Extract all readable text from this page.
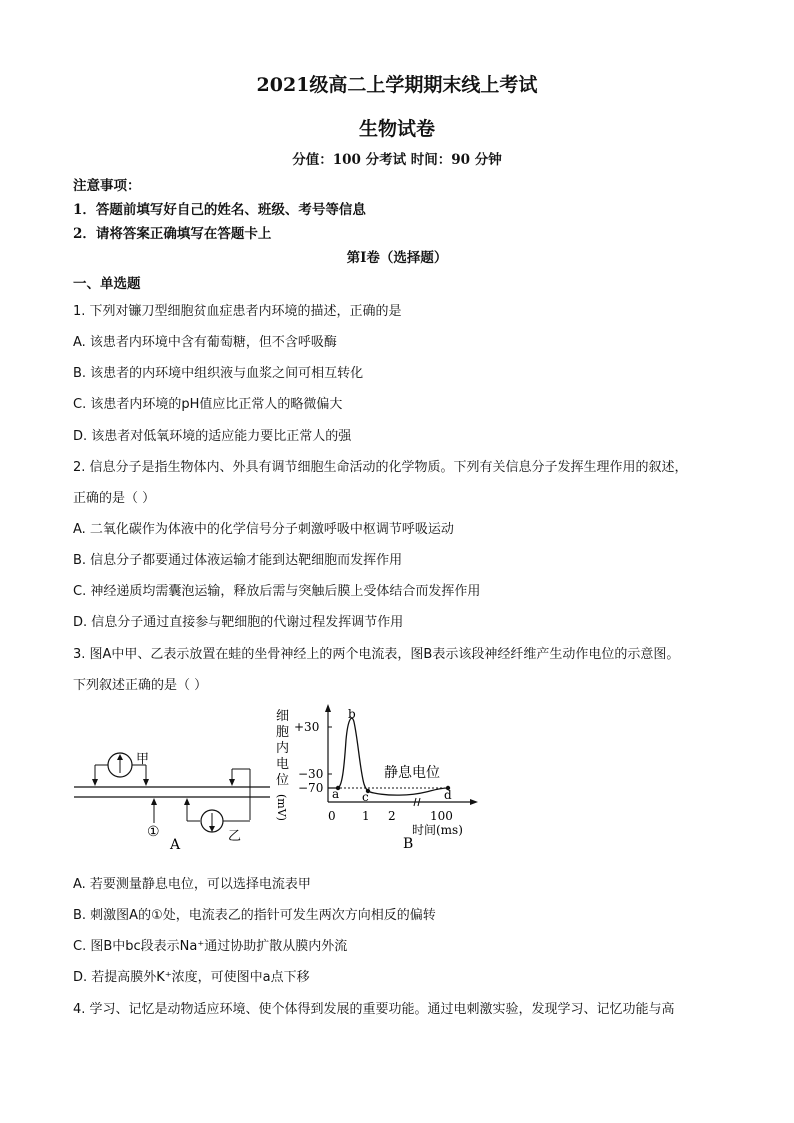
2021级高二上学期期末线上考试
生物试卷
分值：100 分考试 时间：90 分钟
注意事项：
1．答题前填写好自己的姓名、班级、考号等信息
2．请将答案正确填写在答题卡上
第Ⅰ卷（选择题）
一、单选题
1. 下列对镰刀型细胞贫血症患者内环境的描述，正确的是
A. 该患者内环境中含有葡萄糖，但不含呼吸酶
B. 该患者的内环境中组织液与血浆之间可相互转化
C. 该患者内环境的pH值应比正常人的略微偏大
D. 该患者对低氧环境的适应能力要比正常人的强
2. 信息分子是指生物体内、外具有调节细胞生命活动的化学物质。下列有关信息分子发挥生理作用的叙述，
正确的是（ ）
A. 二氧化碳作为体液中的化学信号分子刺激呼吸中枢调节呼吸运动
B. 信息分子都要通过体液运输才能到达靶细胞而发挥作用
C. 神经递质均需囊泡运输，释放后需与突触后膜上受体结合而发挥作用
D. 信息分子通过直接参与靶细胞的代谢过程发挥调节作用
3. 图A中甲、乙表示放置在蛙的坐骨神经上的两个电流表，图B表示该段神经纤维产生动作电位的示意图。
下列叙述正确的是（ ）
甲
乙
①
A
细
胞
内
电
位
(mV)
+30
−30
−70 a
b
c	d
静息电位
0 1 2	100
时间(ms)
B
A. 若要测量静息电位，可以选择电流表甲
B. 刺激图A的①处，电流表乙的指针可发生两次方向相反的偏转
C. 图B中bc段表示Na⁺通过协助扩散从膜内外流
D. 若提高膜外K⁺浓度，可使图中a点下移
4. 学习、记忆是动物适应环境、使个体得到发展的重要功能。通过电刺激实验，发现学习、记忆功能与高
